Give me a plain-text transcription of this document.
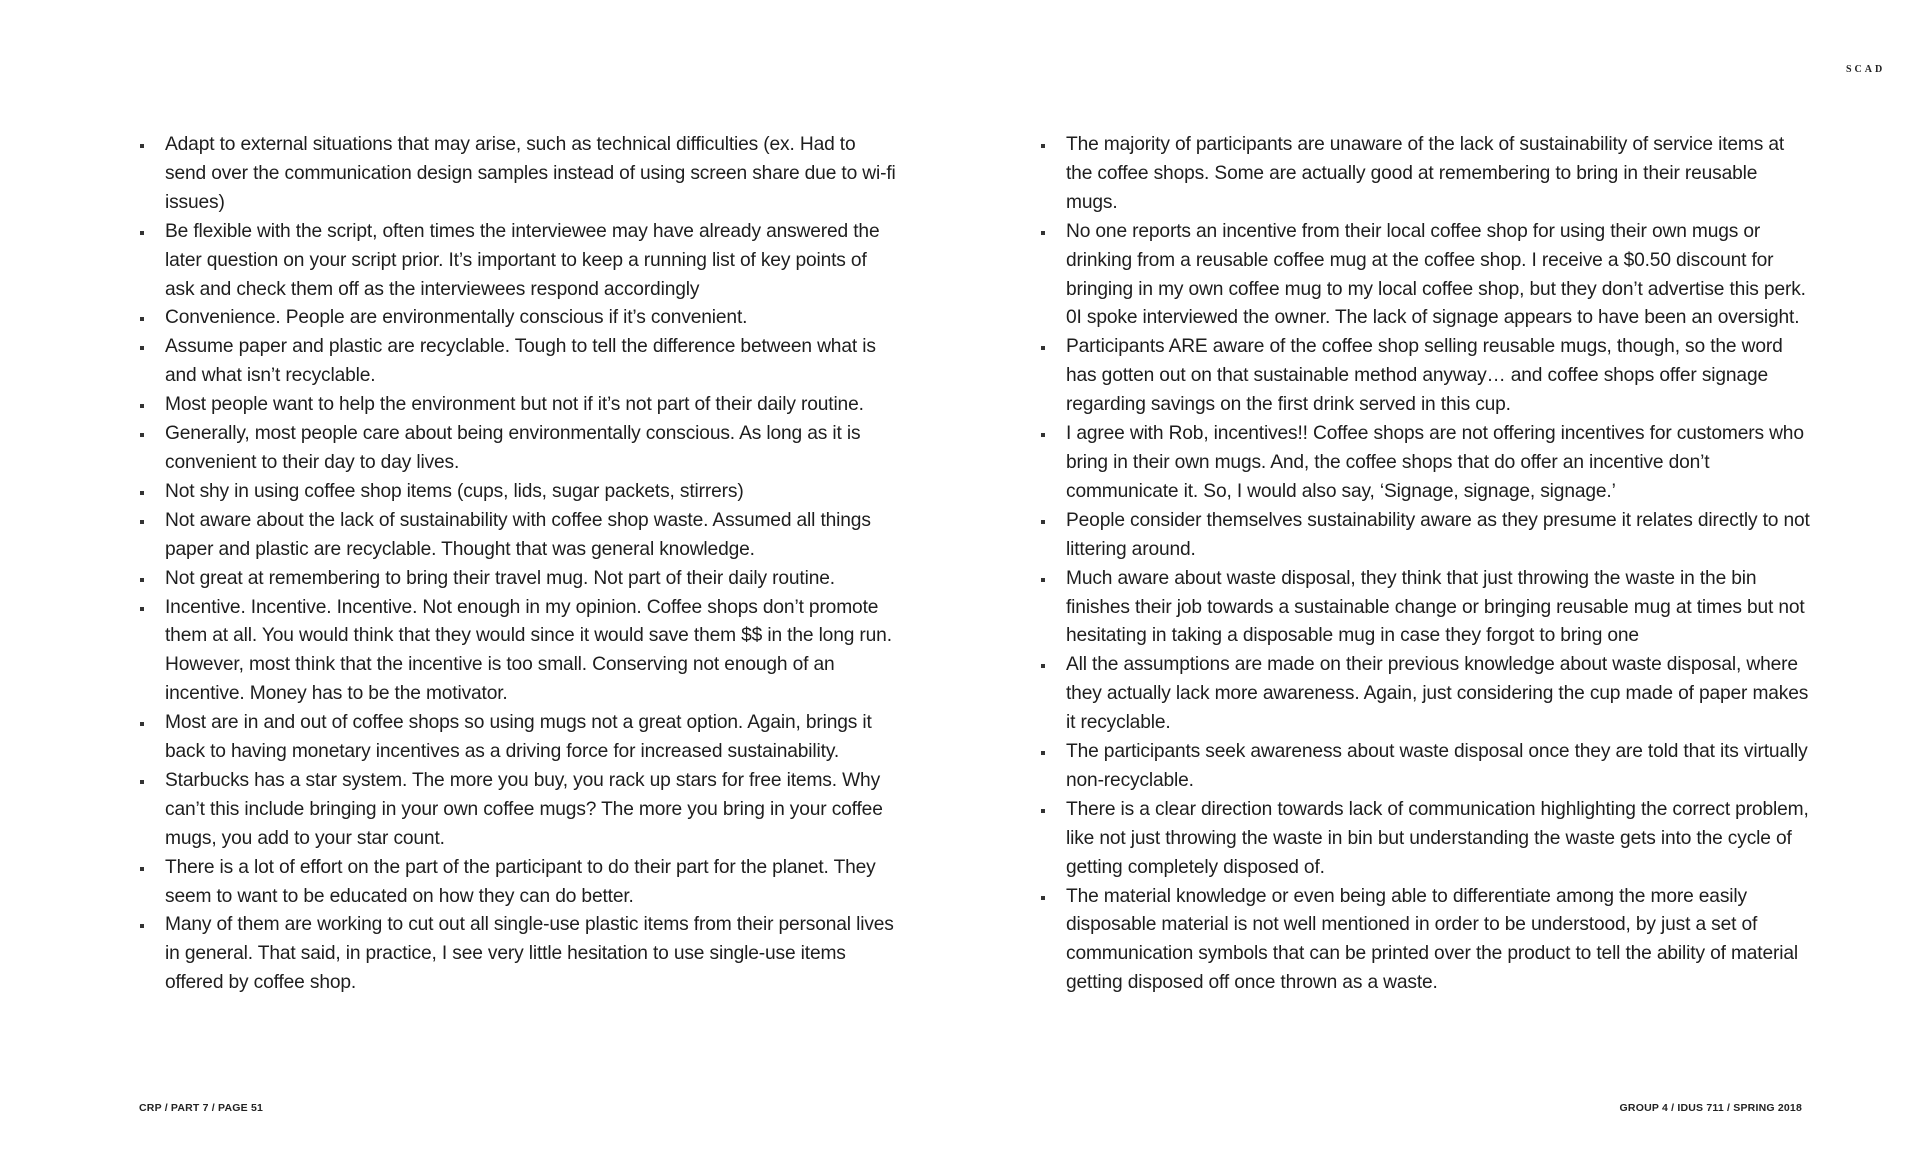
SCAD
Adapt to external situations that may arise, such as technical difficulties (ex. Had to send over the communication design samples instead of using screen share due to wi-fi issues)
Be flexible with the script, often times the interviewee may have already answered the later question on your script prior. It’s important to keep a running list of key points of ask and check them off as the interviewees respond accordingly
Convenience. People are environmentally conscious if it’s convenient.
Assume paper and plastic are recyclable. Tough to tell the difference between what is and what isn’t recyclable.
Most people want to help the environment but not if it’s not part of their daily routine.
Generally, most people care about being environmentally conscious. As long as it is convenient to their day to day lives.
Not shy in using coffee shop items (cups, lids, sugar packets, stirrers)
Not aware about the lack of sustainability with coffee shop waste. Assumed all things paper and plastic are recyclable. Thought that was general knowledge.
Not great at remembering to bring their travel mug. Not part of their daily routine.
Incentive. Incentive. Incentive. Not enough in my opinion. Coffee shops don’t promote them at all. You would think that they would since it would save them $$ in the long run. However, most think that the incentive is too small. Conserving not enough of an incentive. Money has to be the motivator.
Most are in and out of coffee shops so using mugs not a great option. Again, brings it back to having monetary incentives as a driving force for increased sustainability.
Starbucks has a star system. The more you buy, you rack up stars for free items. Why can’t this include bringing in your own coffee mugs? The more you bring in your coffee mugs, you add to your star count.
There is a lot of effort on the part of the participant to do their part for the planet. They seem to want to be educated on how they can do better.
Many of them are working to cut out all single-use plastic items from their personal lives in general. That said, in practice, I see very little hesitation to use single-use items offered by coffee shop.
The majority of participants are unaware of the lack of sustainability of service items at the coffee shops. Some are actually good at remembering to bring in their reusable mugs.
No one reports an incentive from their local coffee shop for using their own mugs or drinking from a reusable coffee mug at the coffee shop. I receive a $0.50 discount for bringing in my own coffee mug to my local coffee shop, but they don’t advertise this perk. 0I spoke interviewed the owner. The lack of signage appears to have been an oversight.
Participants ARE aware of the coffee shop selling reusable mugs, though, so the word has gotten out on that sustainable method anyway… and coffee shops offer signage regarding savings on the first drink served in this cup.
I agree with Rob, incentives!! Coffee shops are not offering incentives for customers who bring in their own mugs. And, the coffee shops that do offer an incentive don’t communicate it. So, I would also say, ‘Signage, signage, signage.’
People consider themselves sustainability aware as they presume it relates directly to not littering around.
Much aware about waste disposal, they think that just throwing the waste in the bin finishes their job towards a sustainable change or bringing reusable mug at times but not hesitating in taking a disposable mug in case they forgot to bring one
All the assumptions are made on their previous knowledge about waste disposal, where they actually lack more awareness. Again, just considering the cup made of paper makes it recyclable.
The participants seek awareness about waste disposal once they are told that its virtually non-recyclable.
There is a clear direction towards lack of communication highlighting the correct problem, like not just throwing the waste in bin but understanding the waste gets into the cycle of getting completely disposed of.
The material knowledge or even being able to differentiate among the more easily disposable material is not well mentioned in order to be understood, by just a set of communication symbols that can be printed over the product to tell the ability of material getting disposed off once thrown as a waste.
CRP / PART 7 / PAGE 51	GROUP 4 / IDUS 711 / SPRING 2018
